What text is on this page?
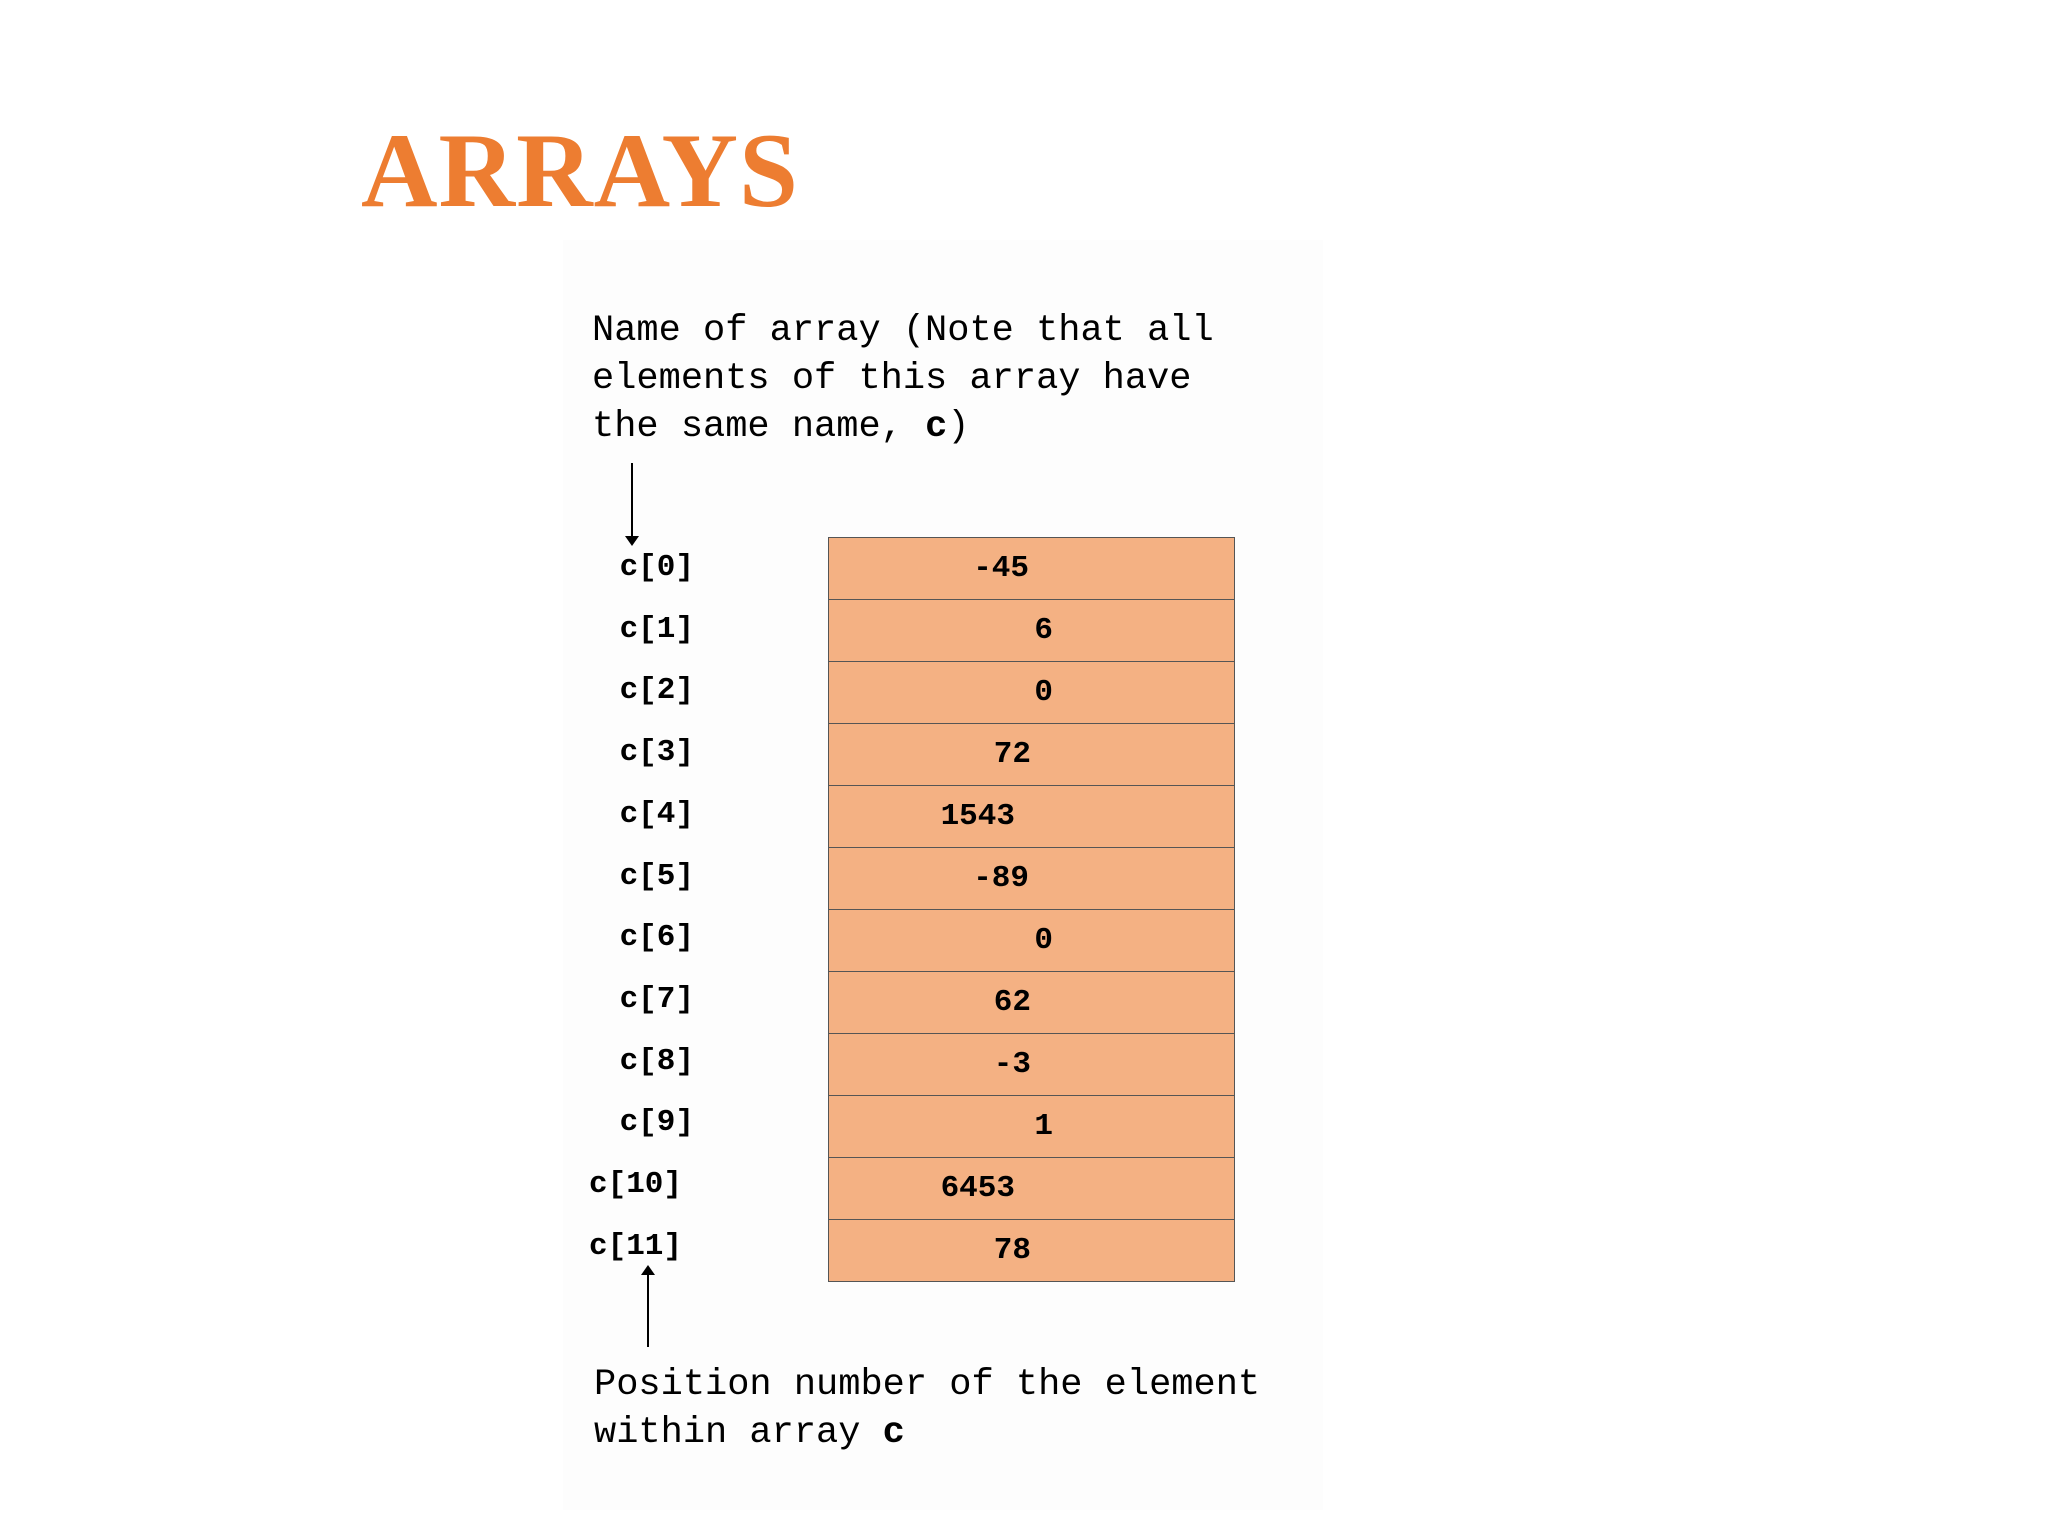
ARRAYS
Name of array (Note that all
elements of this array have
the same name, c)
c[0]
c[1]
c[2]
c[3]
c[4]
c[5]
c[6]
c[7]
c[8]
c[9]
c[10]
c[11]
-45
6
0
72
1543
-89
0
62
-3
1
6453
78
Position number of the element
within array c
